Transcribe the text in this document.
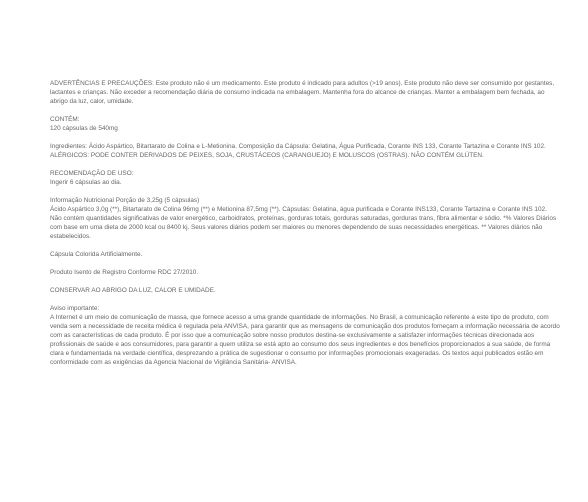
ADVERTÊNCIAS E PRECAUÇÕES: Este produto não é um medicamento. Este produto é indicado para adultos (>19 anos). Este produto não deve ser consumido por gestantes, lactantes e crianças. Não exceder a recomendação diária de consumo indicada na embalagem. Mantenha fora do alcance de crianças. Manter a embalagem bem fechada, ao abrigo da luz, calor, umidade.

CONTÉM:

120 cápsulas de 540mg

Ingredientes: Ácido Aspártico, Bitartarato de Colina e L-Metionina. Composição da Cápsula: Gelatina, Água Purificada, Corante INS 133, Corante Tartazina e Corante INS 102. ALÉRGICOS: PODE CONTER DERIVADOS DE PEIXES, SOJA, CRUSTÁCEOS (CARANGUEJO) E MOLUSCOS (OSTRAS). NÃO CONTÉM GLÚTEN.

RECOMENDAÇÃO DE USO:

Ingerir 6 cápsulas ao dia.

Informação Nutricional Porção de 3,25g (5 cápsulas)

Ácido Aspártico 3,0g (**), Bitartarato de Colina 96mg (**) e Metionina 87,5mg (**). Cápsulas: Gelatina, água purificada e Corante INS133, Corante Tartazina e Corante INS 102.

Não contém quantidades significativas de valor energético, carboidratos, proteínas, gorduras totais, gorduras saturadas, gorduras trans, fibra alimentar e sódio. *% Valores Diários com base em uma dieta de 2000 kcal ou 8400 kj. Seus valores diários podem ser maiores ou menores dependendo de suas necessidades energéticas. ** Valores diários não estabelecidos.

Cápsula Colorida Artificialmente.

Produto Isento de Registro Conforme RDC 27/2010.

CONSERVAR AO ABRIGO DA LUZ, CALOR E UMIDADE.

Aviso importante:

A Internet é um meio de comunicação de massa, que fornece acesso a uma grande quantidade de informações. No Brasil, a comunicação referente a este tipo de produto, com venda sem a necessidade de receita médica é regulada pela ANVISA, para garantir que as mensagens de comunicação dos produtos forneçam a informação necessária de acordo com as características de cada produto. É por isso que a comunicação sobre nosso produtos destina-se exclusivamente a satisfazer informações técnicas direcionada aos profissionais de saúde e aos consumidores, para garantir a quem utiliza se está apto ao consumo dos seus ingredientes e dos benefícios proporcionados a sua saúde, de forma clara e fundamentada na verdade científica, desprezando a prática de sugestionar o consumo por informações promocionais exageradas. Os textos aqui publicados estão em conformidade com as exigências da Agencia Nacional de Vigilância Sanitária- ANVISA.
